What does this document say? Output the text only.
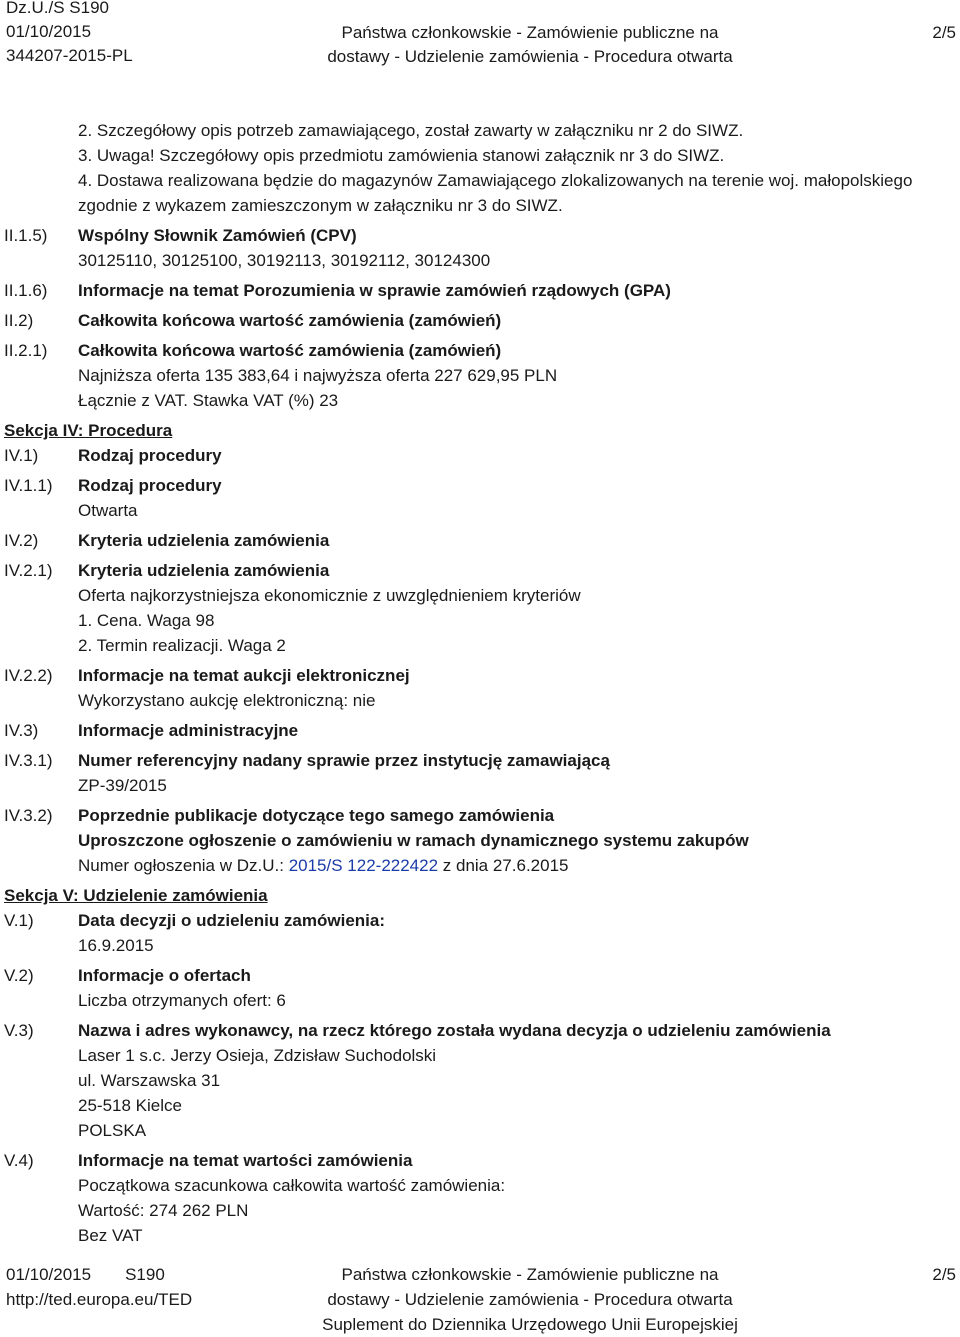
Dz.U./S S190
01/10/2015
344207-2015-PL
Państwa członkowskie - Zamówienie publiczne na
dostawy - Udzielenie zamówienia - Procedura otwarta
2/5
2. Szczegółowy opis potrzeb zamawiającego, został zawarty w załączniku nr 2 do SIWZ.
3. Uwaga! Szczegółowy opis przedmiotu zamówienia stanowi załącznik nr 3 do SIWZ.
4. Dostawa realizowana będzie do magazynów Zamawiającego zlokalizowanych na terenie woj. małopolskiego
zgodnie z wykazem zamieszczonym w załączniku nr 3 do SIWZ.
II.1.5)	Wspólny Słownik Zamówień (CPV)
30125110, 30125100, 30192113, 30192112, 30124300
II.1.6)	Informacje na temat Porozumienia w sprawie zamówień rządowych (GPA)
II.2)	Całkowita końcowa wartość zamówienia (zamówień)
II.2.1)	Całkowita końcowa wartość zamówienia (zamówień)
Najniższa oferta 135 383,64 i najwyższa oferta 227 629,95 PLN
Łącznie z VAT. Stawka VAT (%) 23
Sekcja IV: Procedura
IV.1)	Rodzaj procedury
IV.1.1)	Rodzaj procedury
Otwarta
IV.2)	Kryteria udzielenia zamówienia
IV.2.1)	Kryteria udzielenia zamówienia
Oferta najkorzystniejsza ekonomicznie z uwzględnieniem kryteriów
1. Cena. Waga 98
2. Termin realizacji. Waga 2
IV.2.2)	Informacje na temat aukcji elektronicznej
Wykorzystano aukcję elektroniczną: nie
IV.3)	Informacje administracyjne
IV.3.1)	Numer referencyjny nadany sprawie przez instytucję zamawiającą
ZP-39/2015
IV.3.2)	Poprzednie publikacje dotyczące tego samego zamówienia
Uproszczone ogłoszenie o zamówieniu w ramach dynamicznego systemu zakupów
Numer ogłoszenia w Dz.U.: 2015/S 122-222422 z dnia 27.6.2015
Sekcja V: Udzielenie zamówienia
V.1)	Data decyzji o udzieleniu zamówienia:
16.9.2015
V.2)	Informacje o ofertach
Liczba otrzymanych ofert: 6
V.3)	Nazwa i adres wykonawcy, na rzecz którego została wydana decyzja o udzieleniu zamówienia
Laser 1 s.c. Jerzy Osieja, Zdzisław Suchodolski
ul. Warszawska 31
25-518 Kielce
POLSKA
V.4)	Informacje na temat wartości zamówienia
Początkowa szacunkowa całkowita wartość zamówienia:
Wartość: 274 262 PLN
Bez VAT
01/10/2015 S190
http://ted.europa.eu/TED
Państwa członkowskie - Zamówienie publiczne na
dostawy - Udzielenie zamówienia - Procedura otwarta
Suplement do Dziennika Urzędowego Unii Europejskiej
2/5
